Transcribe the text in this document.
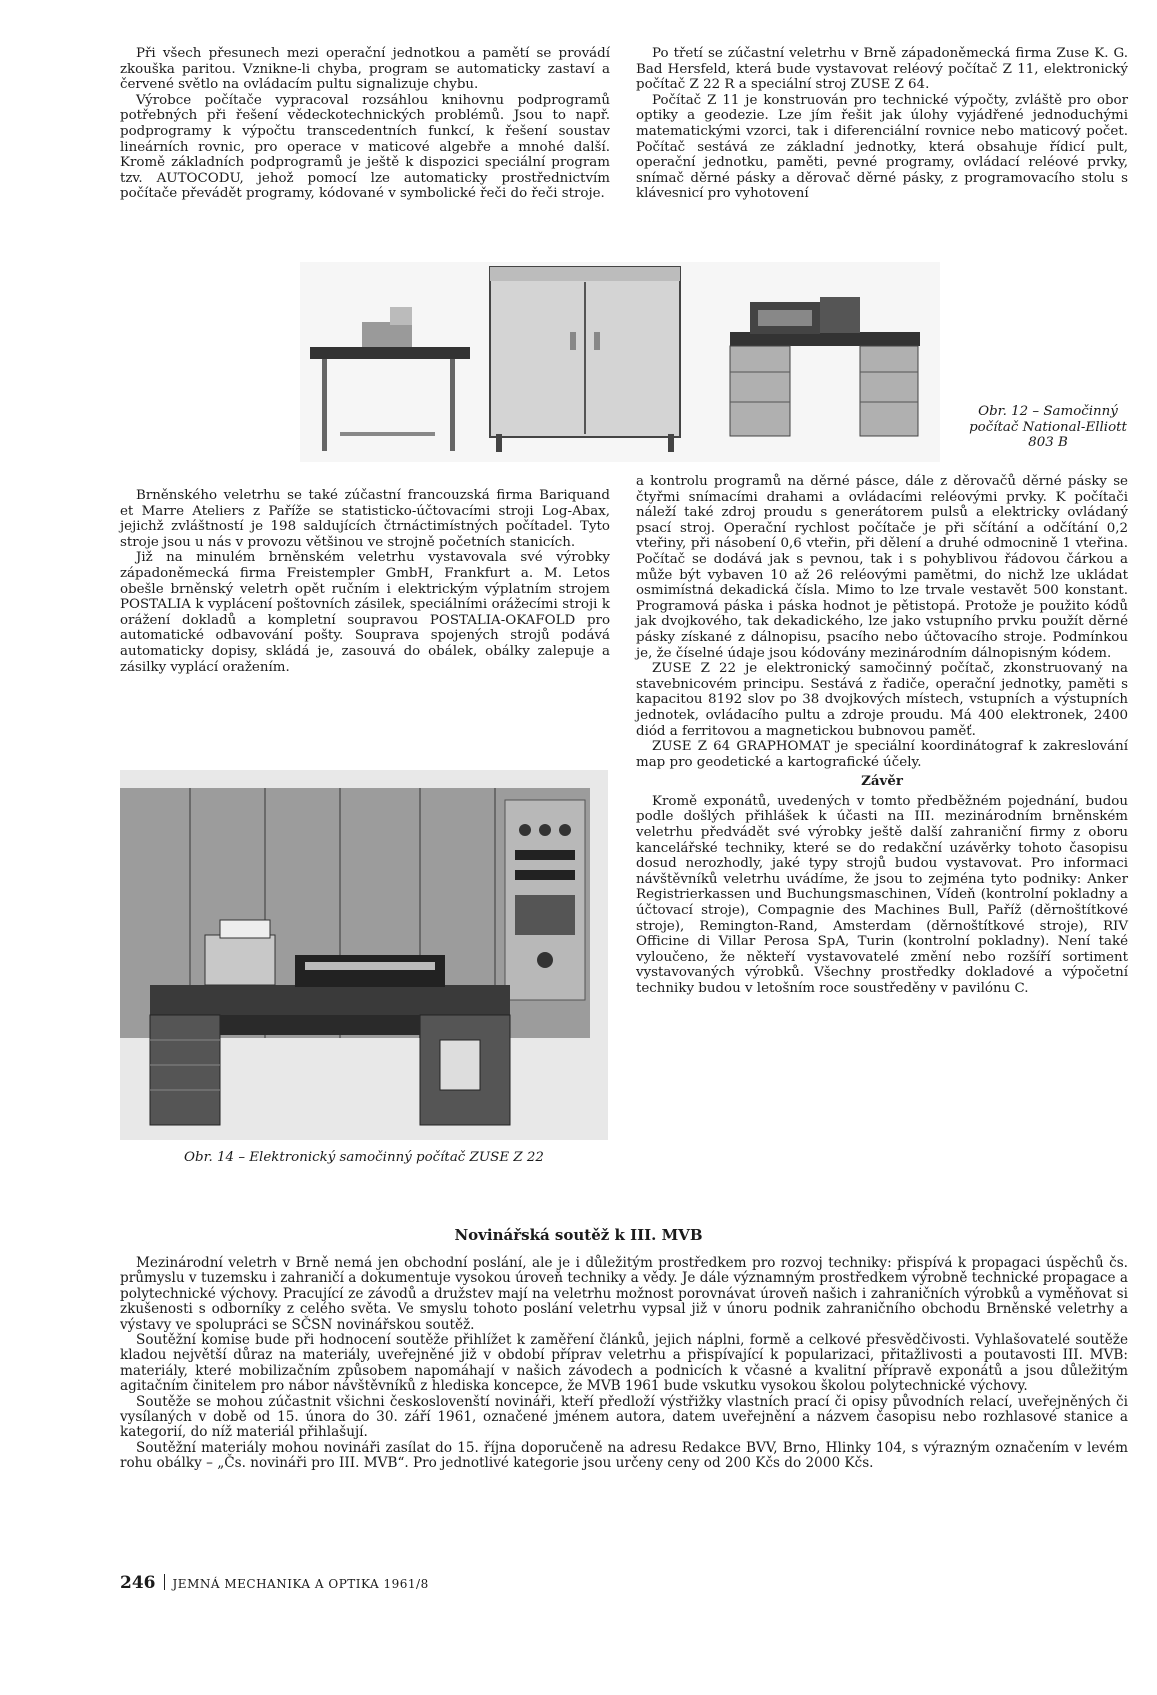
Při všech přesunech mezi operační jednotkou a pamětí se provádí zkouška paritou. Vznikne-li chyba, program se automaticky zastaví a červené světlo na ovládacím pultu signalizuje chybu.

Výrobce počítače vypracoval rozsáhlou knihovnu podprogramů potřebných při řešení vědeckotechnických problémů. Jsou to např. podprogramy k výpočtu transcedentních funkcí, k řešení soustav lineárních rovnic, pro operace v maticové algebře a mnohé další. Kromě základních podprogramů je ještě k dispozici speciální program tzv. AUTOCODU, jehož pomocí lze automaticky prostřednictvím počítače převádět programy, kódované v symbolické řeči do řeči stroje.

Po třetí se zúčastní veletrhu v Brně západoněmecká firma Zuse K. G. Bad Hersfeld, která bude vystavovat reléový počítač Z 11, elektronický počítač Z 22 R a speciální stroj ZUSE Z 64.

Počítač Z 11 je konstruován pro technické výpočty, zvláště pro obor optiky a geodezie. Lze jím řešit jak úlohy vyjádřené jednoduchými matematickými vzorci, tak i diferenciální rovnice nebo maticový počet. Počítač sestává ze základní jednotky, která obsahuje řídicí pult, operační jednotku, paměti, pevné programy, ovládací reléové prvky, snímač děrné pásky a děrovač děrné pásky, z programovacího stolu s klávesnicí pro vyhotovení

Obr. 12 – Samočinný počítač National-Elliott 803 B

Brněnského veletrhu se také zúčastní francouzská firma Bariquand et Marre Ateliers z Paříže se statisticko-účtovacími stroji Log-Abax, jejichž zvláštností je 198 saldujících čtrnáctimístných počítadel. Tyto stroje jsou u nás v provozu většinou ve strojně početních stanicích.

Již na minulém brněnském veletrhu vystavovala své výrobky západoněmecká firma Freistempler GmbH, Frankfurt a. M. Letos obešle brněnský veletrh opět ručním i elektrickým výplatním strojem POSTALIA k vyplácení poštovních zásilek, speciálními orážecími stroji k orážení dokladů a kompletní soupravou POSTALIA-OKAFOLD pro automatické odbavování pošty. Souprava spojených strojů podává automaticky dopisy, skládá je, zasouvá do obálek, obálky zalepuje a zásilky vyplácí oražením.

Obr. 14 – Elektronický samočinný počítač ZUSE Z 22

a kontrolu programů na děrné pásce, dále z děrovačů děrné pásky se čtyřmi snímacími drahami a ovládacími reléovými prvky. K počítači náleží také zdroj proudu s generátorem pulsů a elektricky ovládaný psací stroj. Operační rychlost počítače je při sčítání a odčítání 0,2 vteřiny, při násobení 0,6 vteřin, při dělení a druhé odmocnině 1 vteřina. Počítač se dodává jak s pevnou, tak i s pohyblivou řádovou čárkou a může být vybaven 10 až 26 reléovými pamětmi, do nichž lze ukládat osmimístná dekadická čísla. Mimo to lze trvale vestavět 500 konstant. Programová páska i páska hodnot je pětistopá. Protože je použito kódů jak dvojkového, tak dekadického, lze jako vstupního prvku použít děrné pásky získané z dálnopisu, psacího nebo účtovacího stroje. Podmínkou je, že číselné údaje jsou kódovány mezinárodním dálnopisným kódem.

ZUSE Z 22 je elektronický samočinný počítač, zkonstruovaný na stavebnicovém principu. Sestává z řadiče, operační jednotky, paměti s kapacitou 8192 slov po 38 dvojkových místech, vstupních a výstupních jednotek, ovládacího pultu a zdroje proudu. Má 400 elektronek, 2400 diód a ferritovou a magnetickou bubnovou paměť.

ZUSE Z 64 GRAPHOMAT je speciální koordinátograf k zakreslování map pro geodetické a kartografické účely.

Závěr

Kromě exponátů, uvedených v tomto předběžném pojednání, budou podle došlých přihlášek k účasti na III. mezinárodním brněnském veletrhu předvádět své výrobky ještě další zahraniční firmy z oboru kancelářské techniky, které se do redakční uzávěrky tohoto časopisu dosud nerozhodly, jaké typy strojů budou vystavovat. Pro informaci návštěvníků veletrhu uvádíme, že jsou to zejména tyto podniky: Anker Registrierkassen und Buchungsmaschinen, Vídeň (kontrolní pokladny a účtovací stroje), Compagnie des Machines Bull, Paříž (děrnoštítkové stroje), Remington-Rand, Amsterdam (děrnoštítkové stroje), RIV Officine di Villar Perosa SpA, Turin (kontrolní pokladny). Není také vyloučeno, že někteří vystavovatelé změní nebo rozšíří sortiment vystavovaných výrobků. Všechny prostředky dokladové a výpočetní techniky budou v letošním roce soustředěny v pavilónu C.

Novinářská soutěž k III. MVB

Mezinárodní veletrh v Brně nemá jen obchodní poslání, ale je i důležitým prostředkem pro rozvoj techniky: přispívá k propagaci úspěchů čs. průmyslu v tuzemsku i zahraničí a dokumentuje vysokou úroveň techniky a vědy. Je dále významným prostředkem výrobně technické propagace a polytechnické výchovy. Pracující ze závodů a družstev mají na veletrhu možnost porovnávat úroveň našich i zahraničních výrobků a vyměňovat si zkušenosti s odborníky z celého světa. Ve smyslu tohoto poslání veletrhu vypsal již v únoru podnik zahraničního obchodu Brněnské veletrhy a výstavy ve spolupráci se SČSN novinářskou soutěž.

Soutěžní komise bude při hodnocení soutěže přihlížet k zaměření článků, jejich náplni, formě a celkové přesvědčivosti. Vyhlašovatelé soutěže kladou největší důraz na materiály, uveřejněné již v období příprav veletrhu a přispívající k popularizaci, přitažlivosti a poutavosti III. MVB: materiály, které mobilizačním způsobem napomáhají v našich závodech a podnicích k včasné a kvalitní přípravě exponátů a jsou důležitým agitačním činitelem pro nábor návštěvníků z hlediska koncepce, že MVB 1961 bude vskutku vysokou školou polytechnické výchovy.

Soutěže se mohou zúčastnit všichni českoslovenští novináři, kteří předloží výstřižky vlastních prací či opisy původních relací, uveřejněných či vysílaných v době od 15. února do 30. září 1961, označené jménem autora, datem uveřejnění a názvem časopisu nebo rozhlasové stanice a kategorií, do níž materiál přihlašují.

Soutěžní materiály mohou novináři zasílat do 15. října doporučeně na adresu Redakce BVV, Brno, Hlinky 104, s výrazným označením v levém rohu obálky – „Čs. novináři pro III. MVB“. Pro jednotlivé kategorie jsou určeny ceny od 200 Kčs do 2000 Kčs.

246 JEMNÁ MECHANIKA A OPTIKA 1961/8
